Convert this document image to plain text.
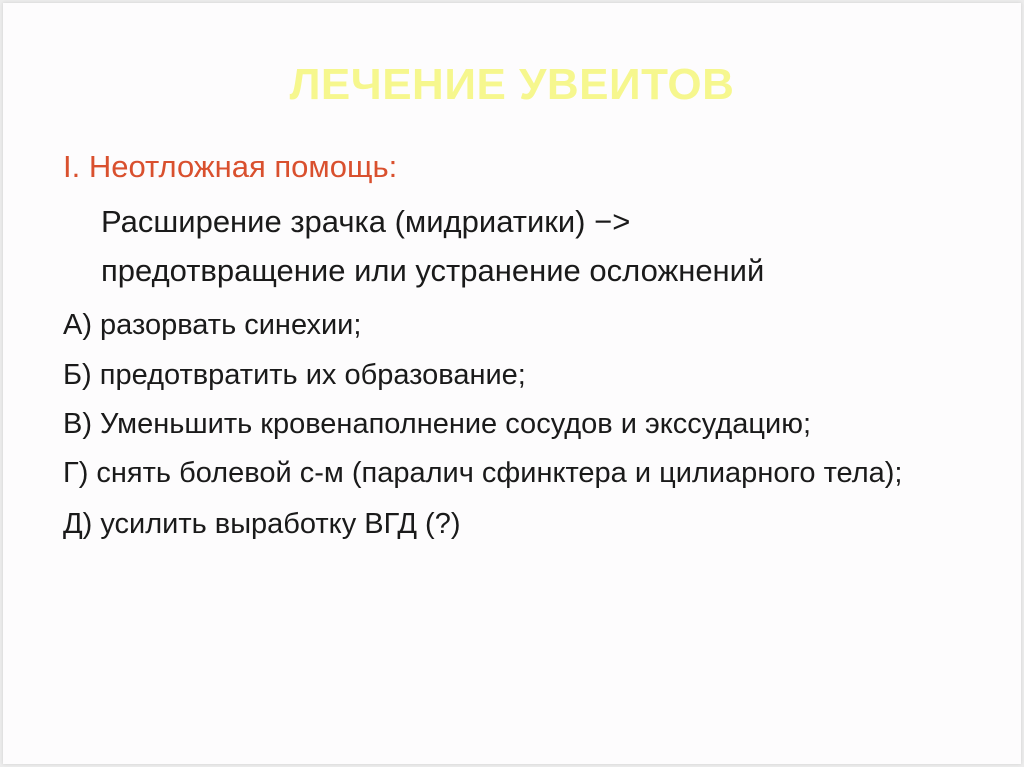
ЛЕЧЕНИЕ УВЕИТОВ

I. Неотложная помощь:

Расширение зрачка (мидриатики) −>

предотвращение или устранение осложнений

А) разорвать синехии;

Б) предотвратить их образование;

В) Уменьшить кровенаполнение сосудов и экссудацию;

Г) снять болевой с-м (паралич сфинктера и цилиарного тела);

Д) усилить выработку ВГД (?)
